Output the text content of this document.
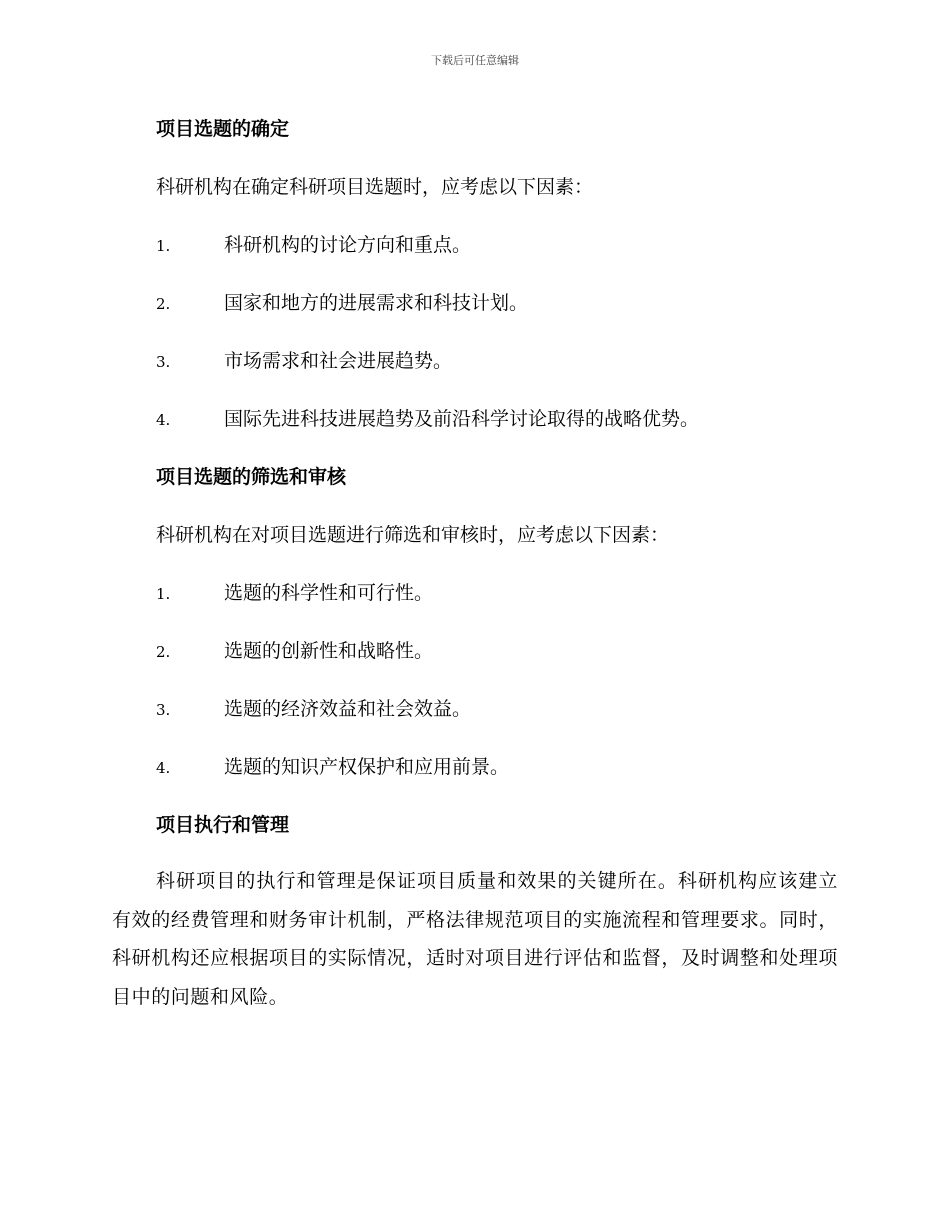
下载后可任意编辑
项目选题的确定
科研机构在确定科研项目选题时，应考虑以下因素：
1.	科研机构的讨论方向和重点。
2.	国家和地方的进展需求和科技计划。
3.	市场需求和社会进展趋势。
4.	国际先进科技进展趋势及前沿科学讨论取得的战略优势。
项目选题的筛选和审核
科研机构在对项目选题进行筛选和审核时，应考虑以下因素：
1.	选题的科学性和可行性。
2.	选题的创新性和战略性。
3.	选题的经济效益和社会效益。
4.	选题的知识产权保护和应用前景。
项目执行和管理

科研项目的执行和管理是保证项目质量和效果的关键所在。科研机构应该建立有效的经费管理和财务审计机制，严格法律规范项目的实施流程和管理要求。同时，科研机构还应根据项目的实际情况，适时对项目进行评估和监督，及时调整和处理项目中的问题和风险。
